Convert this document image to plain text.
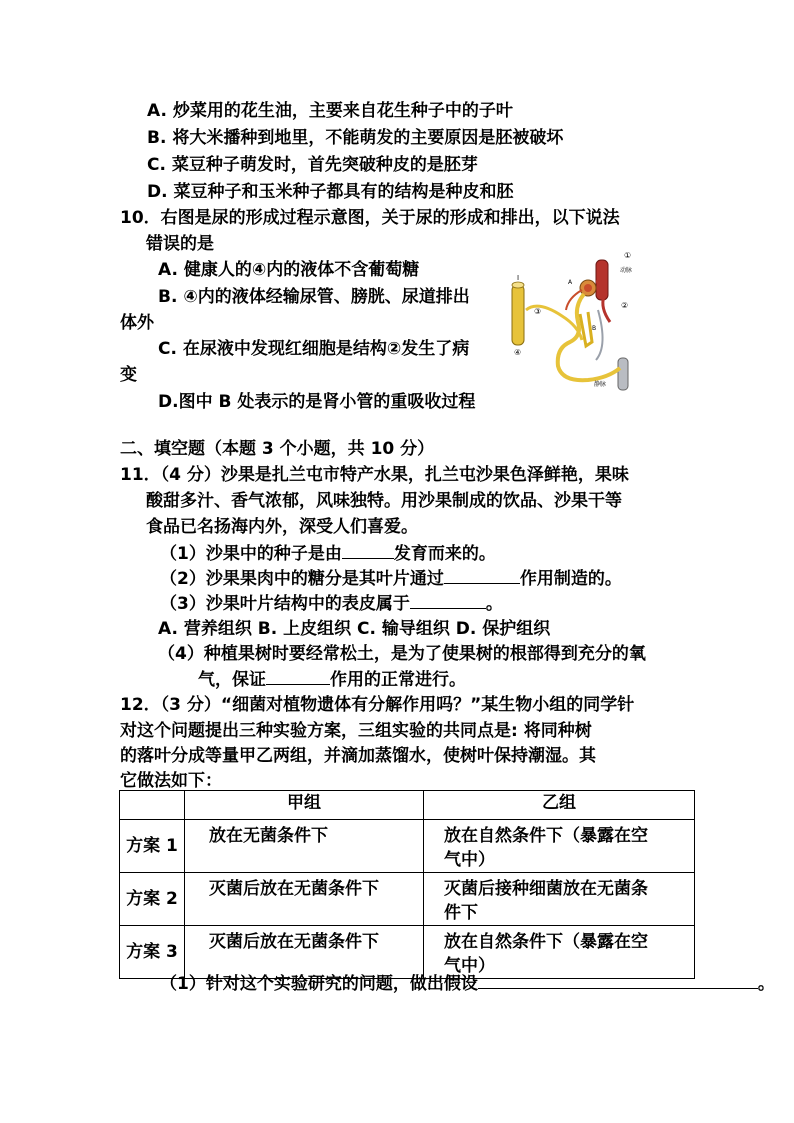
A. 炒菜用的花生油，主要来自花生种子中的子叶
B. 将大米播种到地里，不能萌发的主要原因是胚被破坏
C. 菜豆种子萌发时，首先突破种皮的是胚芽
D. 菜豆种子和玉米种子都具有的结构是种皮和胚
10．右图是尿的形成过程示意图，关于尿的形成和排出，以下说法
错误的是
A. 健康人的④内的液体不含葡萄糖
B. ④内的液体经输尿管、膀胱、尿道排出
体外
C. 在尿液中发现红细胞是结构②发生了病
变
D.图中 B 处表示的是肾小管的重吸收过程
①
动脉
②
③
④
A
B
I
静脉
二、填空题（本题 3 个小题，共 10 分）
11．（4 分）沙果是扎兰屯市特产水果，扎兰屯沙果色泽鲜艳，果味
酸甜多汁、香气浓郁，风味独特。用沙果制成的饮品、沙果干等
食品已名扬海内外，深受人们喜爱。
（1）沙果中的种子是由	发育而来的。
（2）沙果果肉中的糖分是其叶片通过	作用制造的。
（3）沙果叶片结构中的表皮属于	。
A. 营养组织 B. 上皮组织 C. 输导组织 D. 保护组织
（4）种植果树时要经常松土，是为了使果树的根部得到充分的氧
气，保证	作用的正常进行。
12．（3 分）“细菌对植物遗体有分解作用吗？”某生物小组的同学针
对这个问题提出三种实验方案，三组实验的共同点是: 将同种树
的落叶分成等量甲乙两组，并滴加蒸馏水，使树叶保持潮湿。其
它做法如下：
	甲组	乙组
方案 1	放在无菌条件下	放在自然条件下（暴露在空
气中）

方案 2	灭菌后放在无菌条件下	灭菌后接种细菌放在无菌条
件下

方案 3	灭菌后放在无菌条件下	放在自然条件下（暴露在空
气中）
（1）针对这个实验研究的问题，做出假设	。
